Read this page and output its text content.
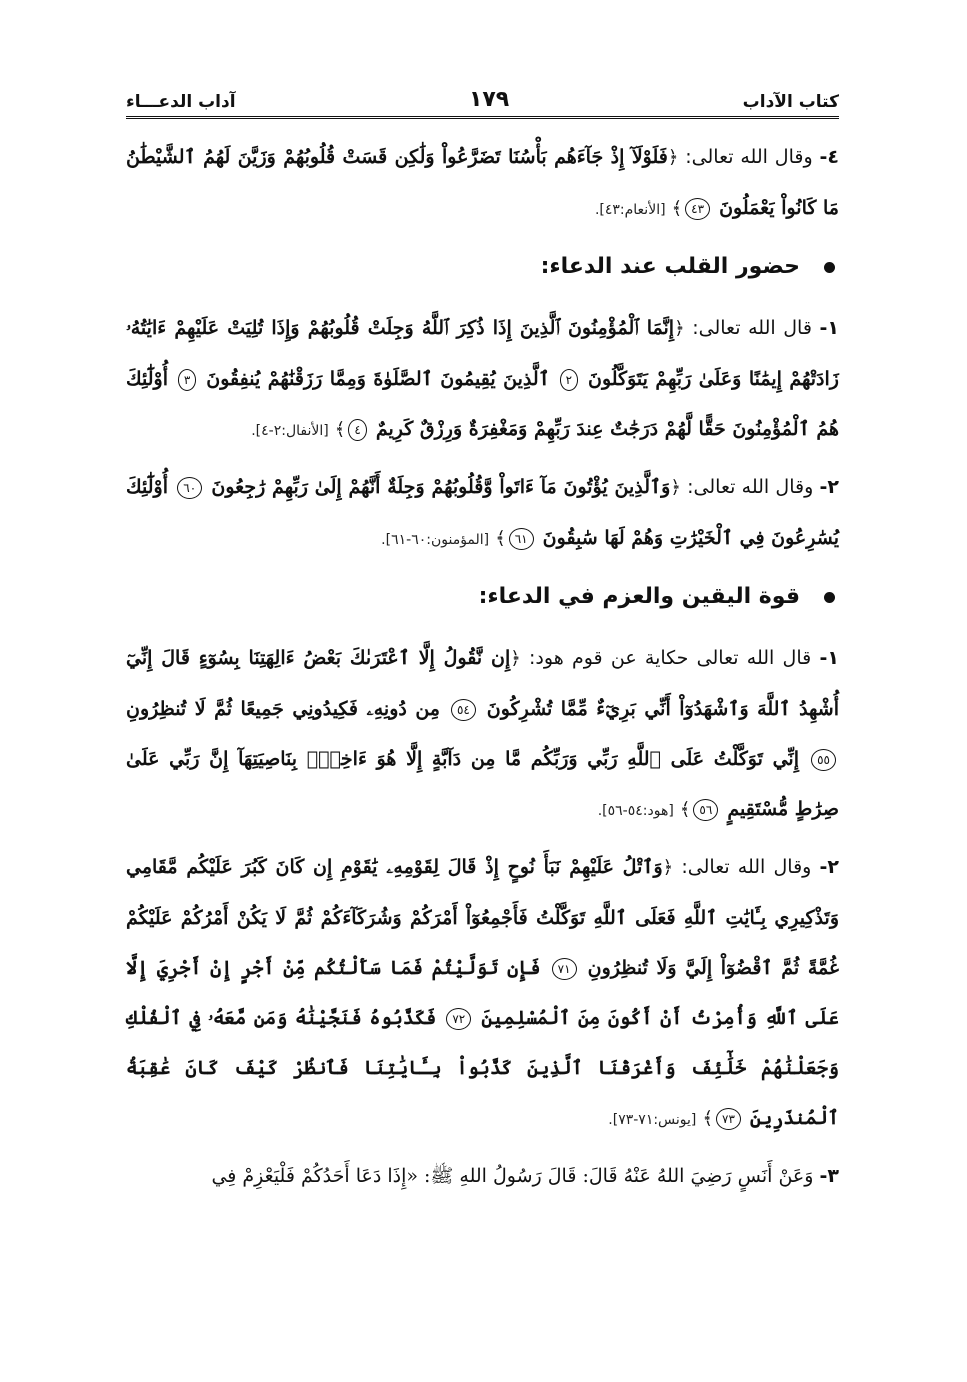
كتاب الآداب
١٧٩
آداب الدعـــاء

٤- وقال الله تعالى: ﴿فَلَوْلَآ إِذْ جَآءَهُم بَأْسُنَا تَضَرَّعُواْ وَلَٰكِن قَسَتْ قُلُوبُهُمْ وَزَيَّنَ لَهُمُ ٱلشَّيْطَٰنُ مَا كَانُواْ يَعْمَلُونَ ٤٣﴾ [الأنعام:٤٣].

حضور القلب عند الدعاء:

١- قال الله تعالى: ﴿إِنَّمَا ٱلْمُؤْمِنُونَ ٱلَّذِينَ إِذَا ذُكِرَ ٱللَّهُ وَجِلَتْ قُلُوبُهُمْ وَإِذَا تُلِيَتْ عَلَيْهِمْ ءَايَٰتُهُۥ زَادَتْهُمْ إِيمَٰنًا وَعَلَىٰ رَبِّهِمْ يَتَوَكَّلُونَ ٢ ٱلَّذِينَ يُقِيمُونَ ٱلصَّلَوٰةَ وَمِمَّا رَزَقْنَٰهُمْ يُنفِقُونَ ٣ أُوْلَٰٓئِكَ هُمُ ٱلْمُؤْمِنُونَ حَقًّا لَّهُمْ دَرَجَٰتٌ عِندَ رَبِّهِمْ وَمَغْفِرَةٌ وَرِزْقٌ كَرِيمٌ ٤﴾ [الأنفال:٢-٤].

٢- وقال الله تعالى: ﴿وَٱلَّذِينَ يُؤْتُونَ مَآ ءَاتَواْ وَّقُلُوبُهُمْ وَجِلَةٌ أَنَّهُمْ إِلَىٰ رَبِّهِمْ رَٰجِعُونَ ٦٠ أُوْلَٰٓئِكَ يُسَٰرِعُونَ فِي ٱلْخَيْرَٰتِ وَهُمْ لَهَا سَٰبِقُونَ ٦١﴾ [المؤمنون:٦٠-٦١].

قوة اليقين والعزم في الدعاء:

١- قال الله تعالى حكاية عن قوم هود: ﴿إِن نَّقُولُ إِلَّا ٱعْتَرَىٰكَ بَعْضُ ءَالِهَتِنَا بِسُوٓءٍ قَالَ إِنِّيٓ أُشْهِدُ ٱللَّهَ وَٱشْهَدُوٓاْ أَنِّي بَرِيٓءٌ مِّمَّا تُشْرِكُونَ ٥٤ مِن دُونِهِۦ فَكِيدُونِي جَمِيعًا ثُمَّ لَا تُنظِرُونِ ٥٥ إِنِّي تَوَكَّلْتُ عَلَى ٱللَّهِ رَبِّي وَرَبِّكُم مَّا مِن دَآبَّةٍ إِلَّا هُوَ ءَاخِذُۢ بِنَاصِيَتِهَآ إِنَّ رَبِّي عَلَىٰ صِرَٰطٍ مُّسْتَقِيمٍ ٥٦﴾ [هود:٥٤-٥٦].

٢- وقال الله تعالى: ﴿وَٱتْلُ عَلَيْهِمْ نَبَأَ نُوحٍ إِذْ قَالَ لِقَوْمِهِۦ يَٰقَوْمِ إِن كَانَ كَبُرَ عَلَيْكُم مَّقَامِي وَتَذْكِيرِي بِـَٔايَٰتِ ٱللَّهِ فَعَلَى ٱللَّهِ تَوَكَّلْتُ فَأَجْمِعُوٓاْ أَمْرَكُمْ وَشُرَكَآءَكُمْ ثُمَّ لَا يَكُنْ أَمْرُكُمْ عَلَيْكُمْ غُمَّةً ثُمَّ ٱقْضُوٓاْ إِلَيَّ وَلَا تُنظِرُونِ ٧١ فَإِن تَوَلَّيْتُمْ فَمَا سَأَلْتُكُم مِّنْ أَجْرٍ إِنْ أَجْرِيَ إِلَّا عَلَى ٱللَّهِ وَأُمِرْتُ أَنْ أَكُونَ مِنَ ٱلْمُسْلِمِينَ ٧٢ فَكَذَّبُوهُ فَنَجَّيْنَٰهُ وَمَن مَّعَهُۥ فِي ٱلْفُلْكِ وَجَعَلْنَٰهُمْ خَلَٰٓئِفَ وَأَغْرَقْنَا ٱلَّذِينَ كَذَّبُواْ بِـَٔايَٰتِنَا فَٱنظُرْ كَيْفَ كَانَ عَٰقِبَةُ ٱلْمُنذَرِينَ ٧٣﴾ [يونس:٧١-٧٣].

٣- وَعَنْ أَنَسٍ رَضِيَ اللهُ عَنْهُ قَالَ: قَالَ رَسُولُ اللهِ ﷺ: «إِذَا دَعَا أَحَدُكُمْ فَلْيَعْزِمْ فِي
